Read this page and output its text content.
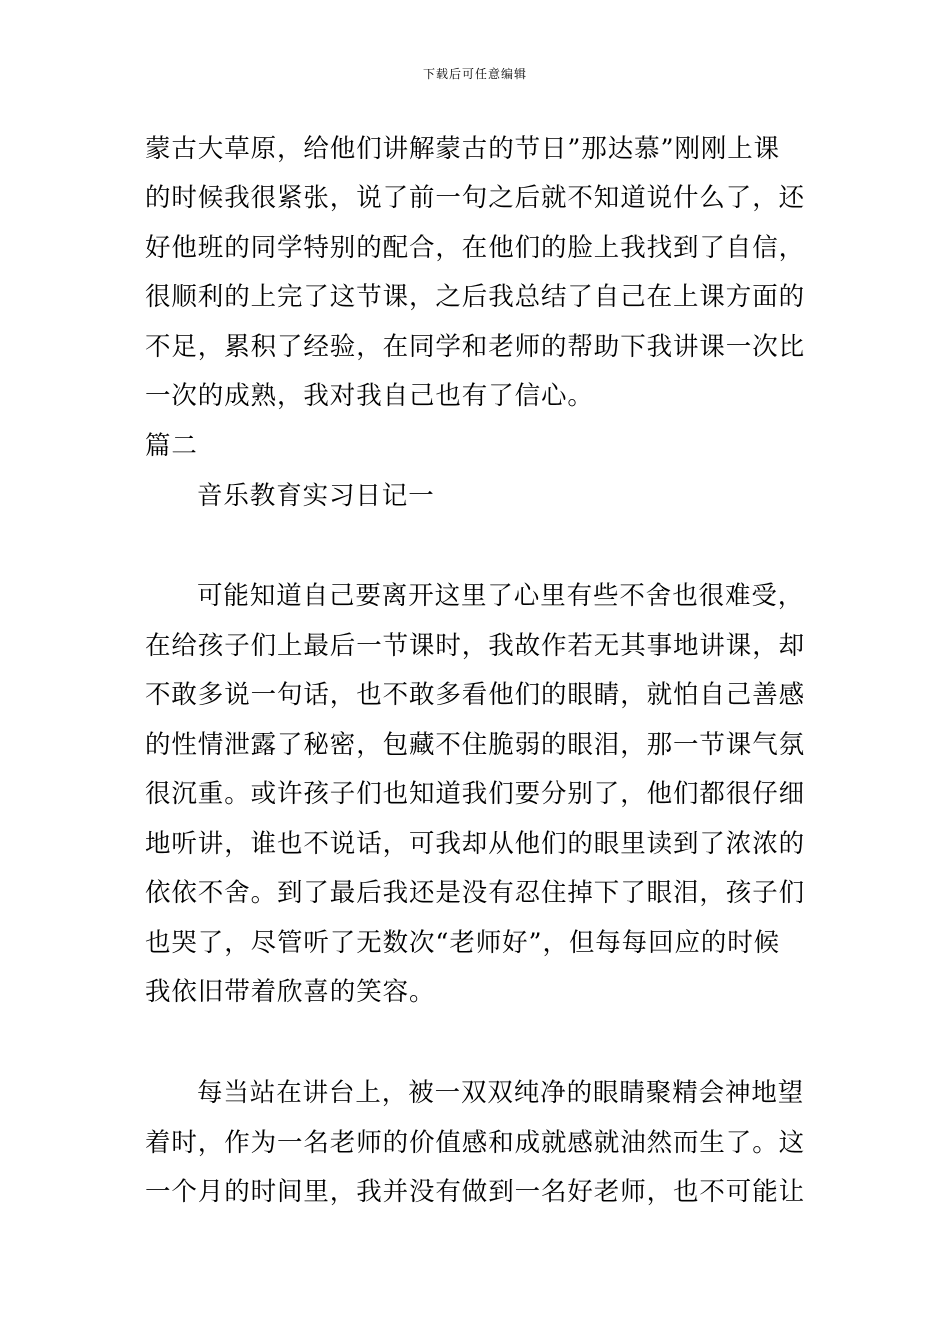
下载后可任意编辑
蒙古大草原，给他们讲解蒙古的节日”那达慕”刚刚上课
的时候我很紧张，说了前一句之后就不知道说什么了，还
好他班的同学特别的配合，在他们的脸上我找到了自信，
很顺利的上完了这节课，之后我总结了自己在上课方面的
不足，累积了经验，在同学和老师的帮助下我讲课一次比
一次的成熟，我对我自己也有了信心。
篇二
音乐教育实习日记一
可能知道自己要离开这里了心里有些不舍也很难受，
在给孩子们上最后一节课时，我故作若无其事地讲课，却
不敢多说一句话，也不敢多看他们的眼睛，就怕自己善感
的性情泄露了秘密，包藏不住脆弱的眼泪，那一节课气氛
很沉重。或许孩子们也知道我们要分别了，他们都很仔细
地听讲，谁也不说话，可我却从他们的眼里读到了浓浓的
依依不舍。到了最后我还是没有忍住掉下了眼泪，孩子们
也哭了，尽管听了无数次“老师好”，但每每回应的时候
我依旧带着欣喜的笑容。
每当站在讲台上，被一双双纯净的眼睛聚精会神地望
着时，作为一名老师的价值感和成就感就油然而生了。这
一个月的时间里，我并没有做到一名好老师，也不可能让
